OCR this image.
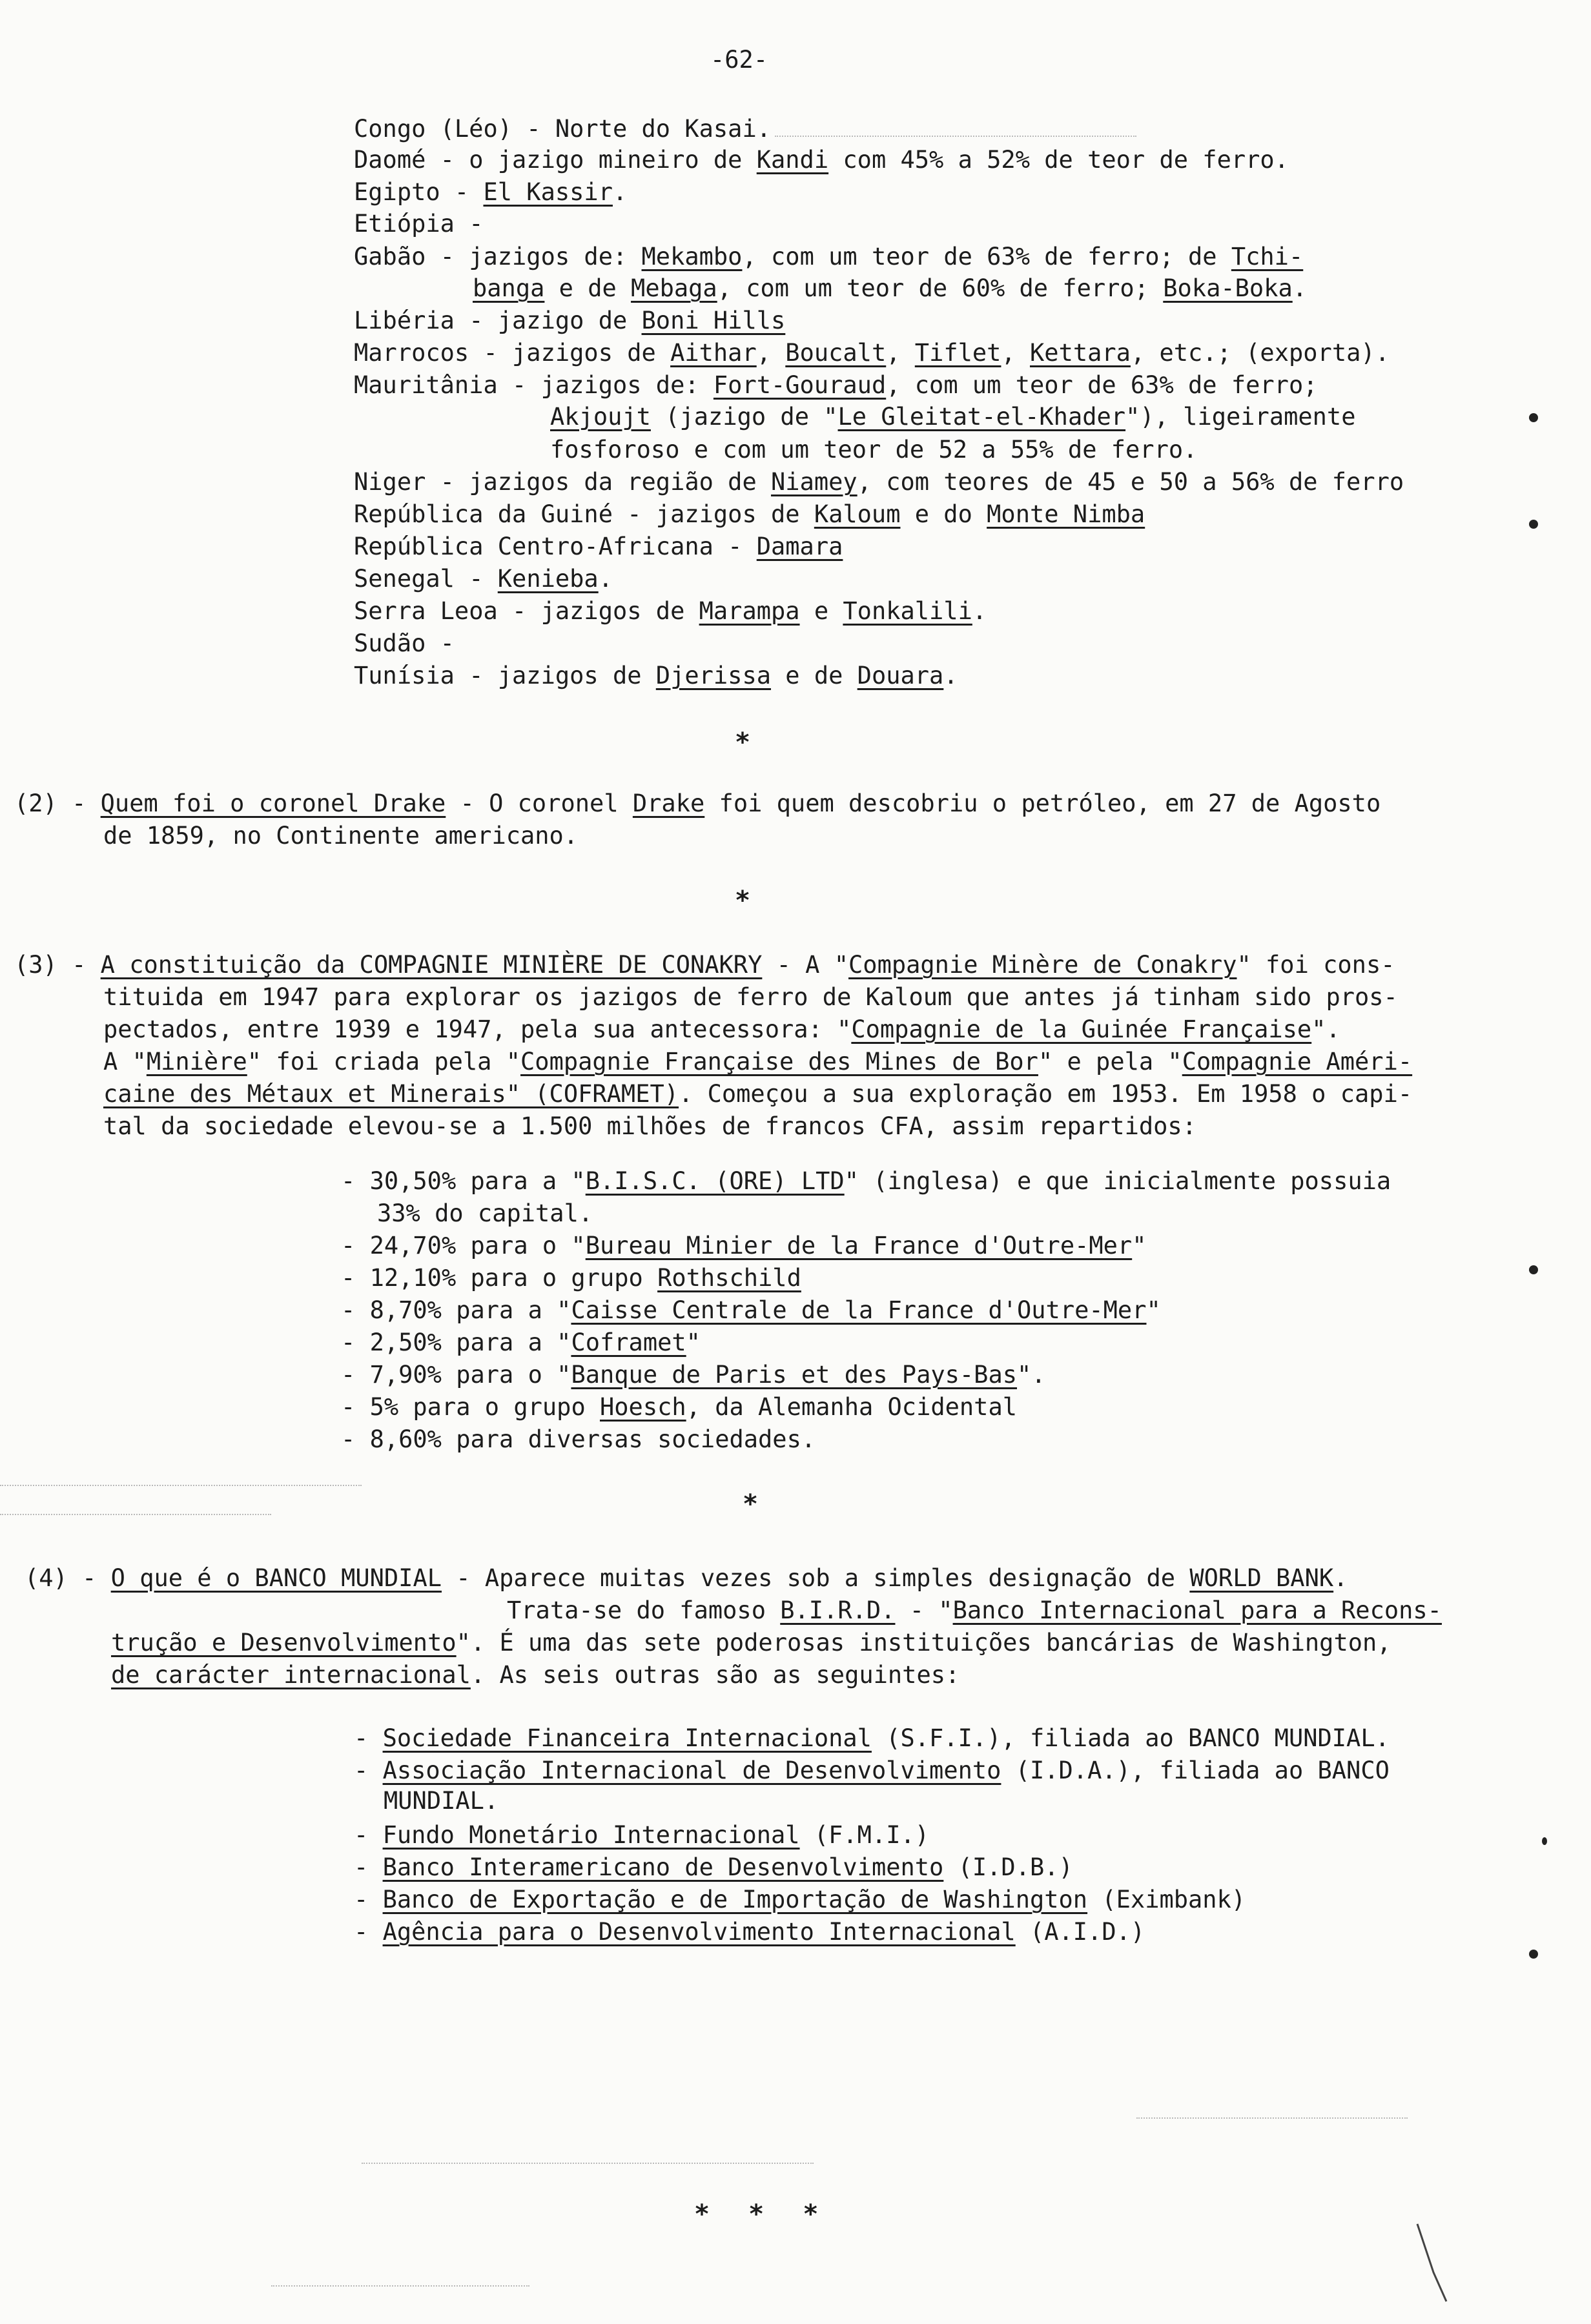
-62-
Congo (Léo) - Norte do Kasai.
Daomé - o jazigo mineiro de Kandi com 45% a 52% de teor de ferro.
Egipto - El Kassir.
Etiópia -
Gabão - jazigos de: Mekambo, com um teor de 63% de ferro; de Tchi-
banga e de Mebaga, com um teor de 60% de ferro; Boka-Boka.
Libéria - jazigo de Boni Hills
Marrocos - jazigos de Aithar, Boucalt, Tiflet, Kettara, etc.; (exporta).
Mauritânia - jazigos de: Fort-Gouraud, com um teor de 63% de ferro;
Akjoujt (jazigo de "Le Gleitat-el-Khader"), ligeiramente
fosforoso e com um teor de 52 a 55% de ferro.
Niger - jazigos da região de Niamey, com teores de 45 e 50 a 56% de ferro
República da Guiné - jazigos de Kaloum e do Monte Nimba
República Centro-Africana - Damara
Senegal - Kenieba.
Serra Leoa - jazigos de Marampa e Tonkalili.
Sudão -
Tunísia - jazigos de Djerissa e de Douara.
*
(2) - Quem foi o coronel Drake - O coronel Drake foi quem descobriu o petróleo, em 27 de Agosto
de 1859, no Continente americano.
*
(3) - A constituição da COMPAGNIE MINIÈRE DE CONAKRY - A "Compagnie Minère de Conakry" foi cons-
tituida em 1947 para explorar os jazigos de ferro de Kaloum que antes já tinham sido pros-
pectados, entre 1939 e 1947, pela sua antecessora: "Compagnie de la Guinée Française".
A "Minière" foi criada pela "Compagnie Française des Mines de Bor" e pela "Compagnie Améri-
caine des Métaux et Minerais" (COFRAMET). Começou a sua exploração em 1953. Em 1958 o capi-
tal da sociedade elevou-se a 1.500 milhões de francos CFA, assim repartidos:
- 30,50% para a "B.I.S.C. (ORE) LTD" (inglesa) e que inicialmente possuia
33% do capital.
- 24,70% para o "Bureau Minier de la France d'Outre-Mer"
- 12,10% para o grupo Rothschild
- 8,70% para a "Caisse Centrale de la France d'Outre-Mer"
- 2,50% para a "Coframet"
- 7,90% para o "Banque de Paris et des Pays-Bas".
- 5% para o grupo Hoesch, da Alemanha Ocidental
- 8,60% para diversas sociedades.
*
(4) - O que é o BANCO MUNDIAL - Aparece muitas vezes sob a simples designação de WORLD BANK.
Trata-se do famoso B.I.R.D. - "Banco Internacional para a Recons-
trução e Desenvolvimento". É uma das sete poderosas instituições bancárias de Washington,
de carácter internacional. As seis outras são as seguintes:
- Sociedade Financeira Internacional (S.F.I.), filiada ao BANCO MUNDIAL.
- Associação Internacional de Desenvolvimento (I.D.A.), filiada ao BANCO
MUNDIAL.
- Fundo Monetário Internacional (F.M.I.)
- Banco Interamericano de Desenvolvimento (I.D.B.)
- Banco de Exportação e de Importação de Washington (Eximbank)
- Agência para o Desenvolvimento Internacional (A.I.D.)
* * *
